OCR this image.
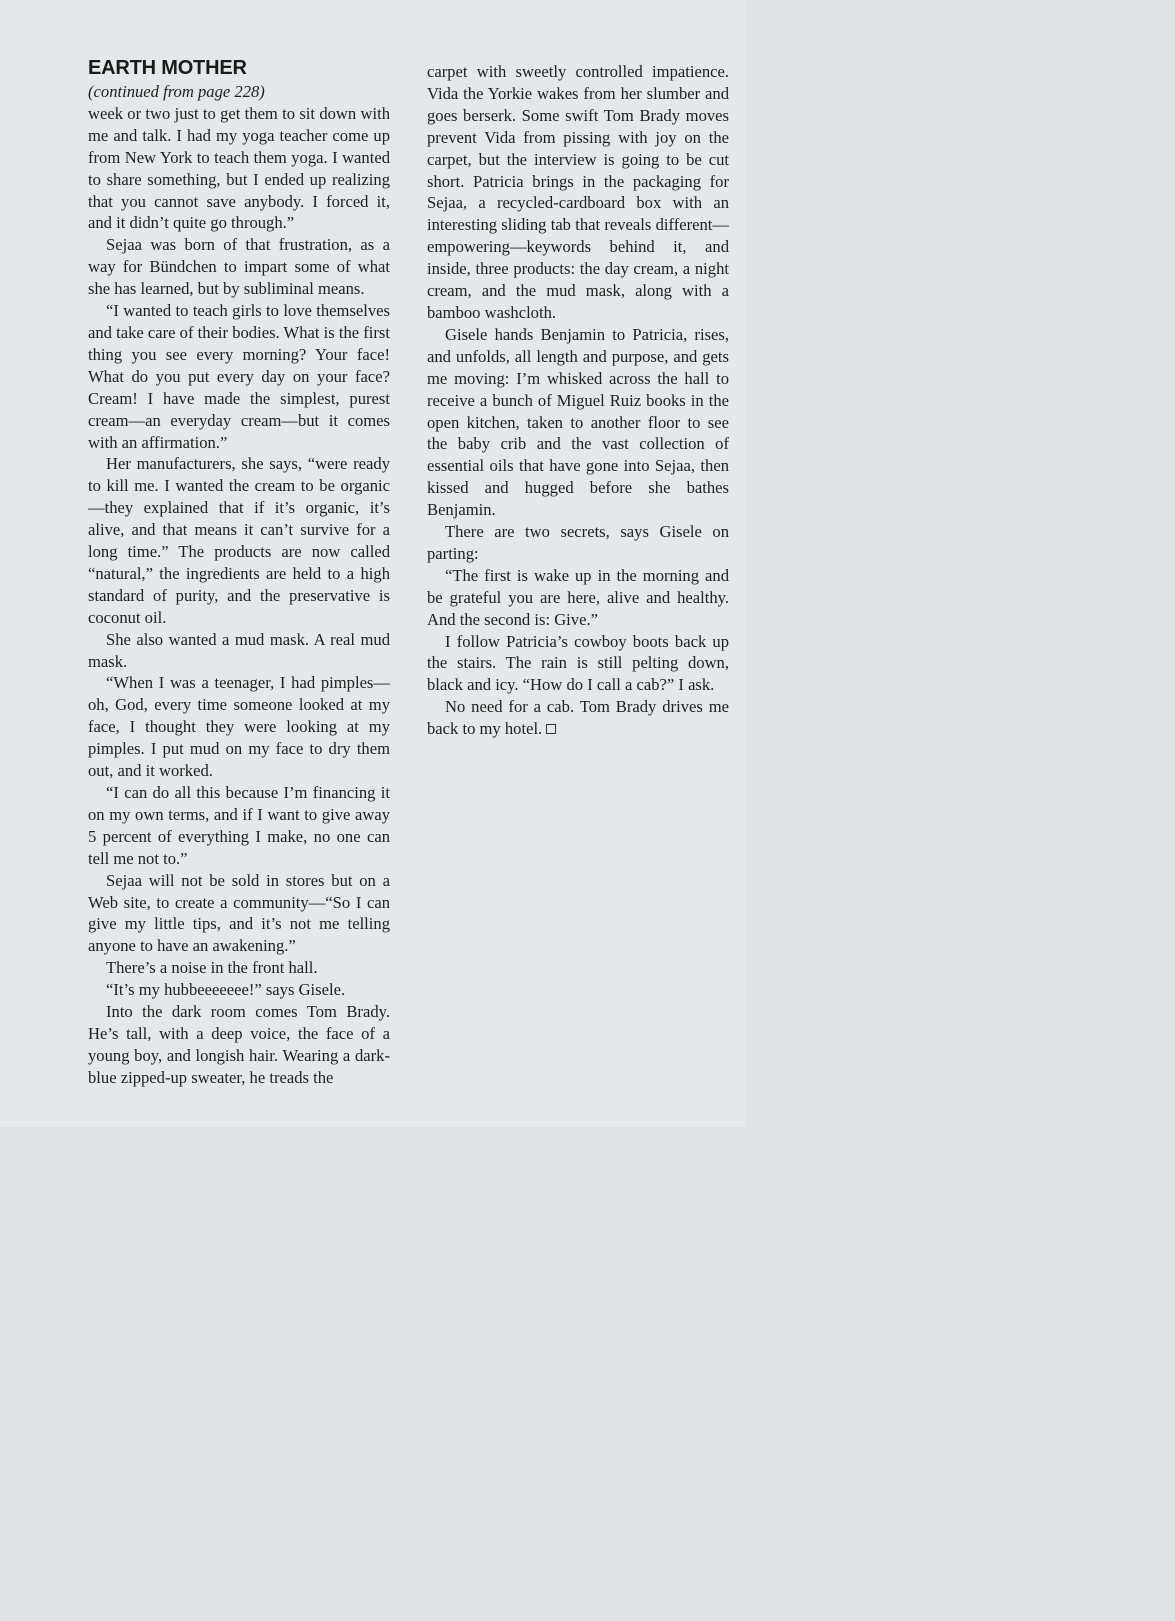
EARTH MOTHER

(continued from page 228)

week or two just to get them to sit down with me and talk. I had my yoga teacher come up from New York to teach them yoga. I wanted to share something, but I ended up realizing that you cannot save anybody. I forced it, and it didn’t quite go through.”

Sejaa was born of that frustration, as a way for Bündchen to impart some of what she has learned, but by subliminal means.

“I wanted to teach girls to love themselves and take care of their bodies. What is the first thing you see every morning? Your face! What do you put every day on your face? Cream! I have made the simplest, purest cream—an everyday cream—but it comes with an affirmation.”

Her manufacturers, she says, “were ready to kill me. I wanted the cream to be organic—they explained that if it’s organic, it’s alive, and that means it can’t survive for a long time.” The products are now called “natural,” the ingredients are held to a high standard of purity, and the preservative is coconut oil.

She also wanted a mud mask. A real mud mask.

“When I was a teenager, I had pimples—oh, God, every time someone looked at my face, I thought they were looking at my pimples. I put mud on my face to dry them out, and it worked.

“I can do all this because I’m financing it on my own terms, and if I want to give away 5 percent of everything I make, no one can tell me not to.”

Sejaa will not be sold in stores but on a Web site, to create a community—“So I can give my little tips, and it’s not me telling anyone to have an awakening.”

There’s a noise in the front hall.

“It’s my hubbeeeeeee!” says Gisele.

Into the dark room comes Tom Brady. He’s tall, with a deep voice, the face of a young boy, and longish hair. Wearing a dark-blue zipped-up sweater, he treads the

carpet with sweetly controlled impatience. Vida the Yorkie wakes from her slumber and goes berserk. Some swift Tom Brady moves prevent Vida from pissing with joy on the carpet, but the interview is going to be cut short. Patricia brings in the packaging for Sejaa, a recycled-cardboard box with an interesting sliding tab that reveals different—empowering—keywords behind it, and inside, three products: the day cream, a night cream, and the mud mask, along with a bamboo washcloth.

Gisele hands Benjamin to Patricia, rises, and unfolds, all length and purpose, and gets me moving: I’m whisked across the hall to receive a bunch of Miguel Ruiz books in the open kitchen, taken to another floor to see the baby crib and the vast collection of essential oils that have gone into Sejaa, then kissed and hugged before she bathes Benjamin.

There are two secrets, says Gisele on parting:

“The first is wake up in the morning and be grateful you are here, alive and healthy. And the second is: Give.”

I follow Patricia’s cowboy boots back up the stairs. The rain is still pelting down, black and icy. “How do I call a cab?” I ask.

No need for a cab. Tom Brady drives me back to my hotel.
